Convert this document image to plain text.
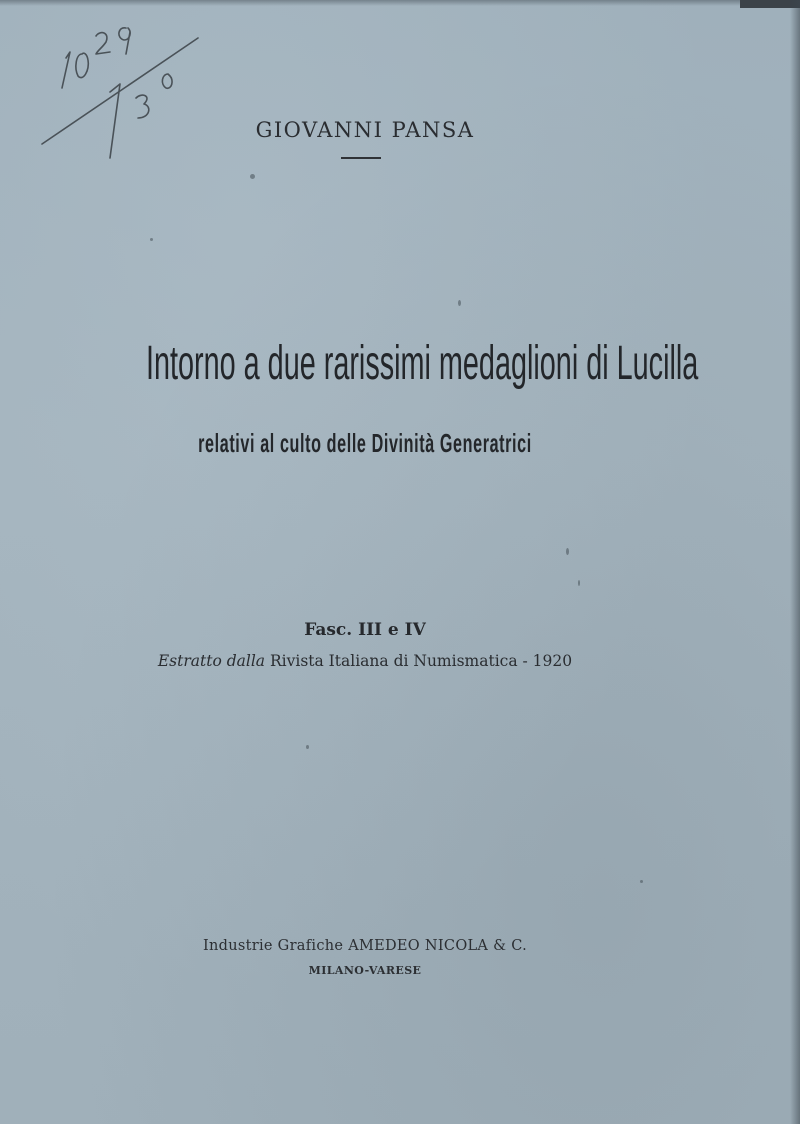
GIOVANNI PANSA
Intorno a due rarissimi medaglioni di Lucilla
relativi al culto delle Divinità Generatrici
Fasc. III e IV
Estratto dalla Rivista Italiana di Numismatica - 1920
Industrie Grafiche AMEDEO NICOLA & C.
MILANO-VARESE
